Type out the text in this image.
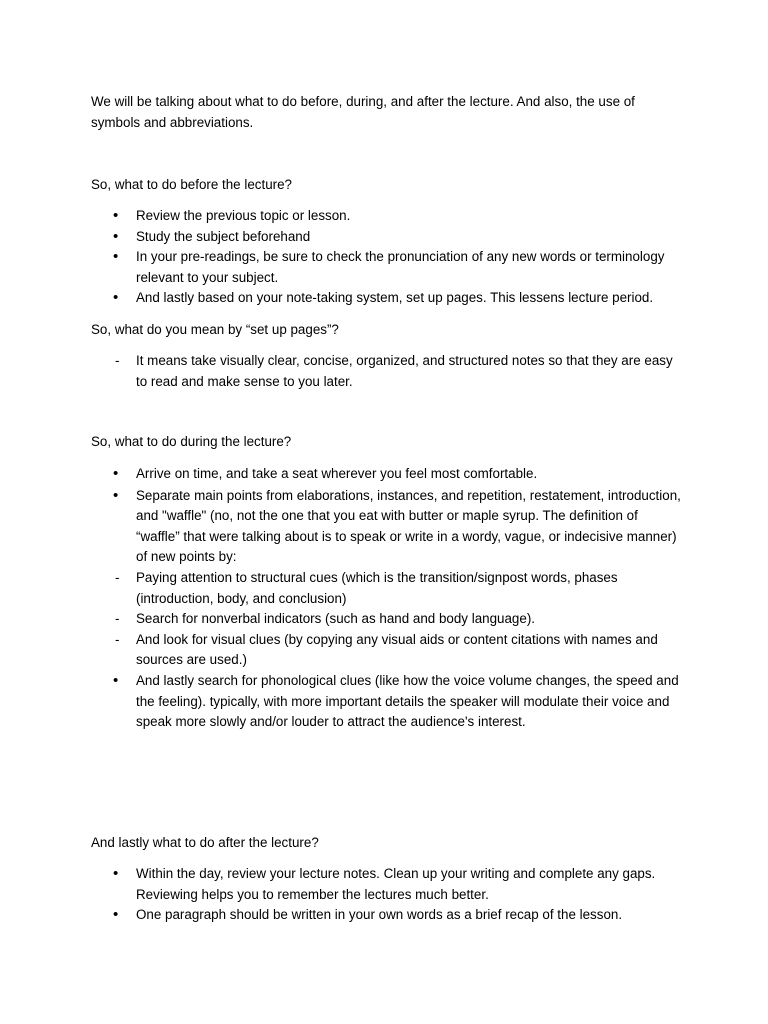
We will be talking about what to do before, during, and after the lecture. And also, the use of symbols and abbreviations.

So, what to do before the lecture?

•	Review the previous topic or lesson.
•	Study the subject beforehand
•	In your pre-readings, be sure to check the pronunciation of any new words or terminology relevant to your subject.
•	And lastly based on your note-taking system, set up pages. This lessens lecture period.

So, what do you mean by “set up pages”?

-	It means take visually clear, concise, organized, and structured notes so that they are easy to read and make sense to you later.

So, what to do during the lecture?

•	Arrive on time, and take a seat wherever you feel most comfortable.
•	Separate main points from elaborations, instances, and repetition, restatement, introduction, and "waffle" (no, not the one that you eat with butter or maple syrup. The definition of “waffle” that were talking about is to speak or write in a wordy, vague, or indecisive manner) of new points by:
-	Paying attention to structural cues (which is the transition/signpost words, phases (introduction, body, and conclusion)
-	Search for nonverbal indicators (such as hand and body language).
-	And look for visual clues (by copying any visual aids or content citations with names and sources are used.)
•	And lastly search for phonological clues (like how the voice volume changes, the speed and the feeling). typically, with more important details the speaker will modulate their voice and speak more slowly and/or louder to attract the audience's interest.

And lastly what to do after the lecture?

•	Within the day, review your lecture notes. Clean up your writing and complete any gaps. Reviewing helps you to remember the lectures much better.
•	One paragraph should be written in your own words as a brief recap of the lesson.
